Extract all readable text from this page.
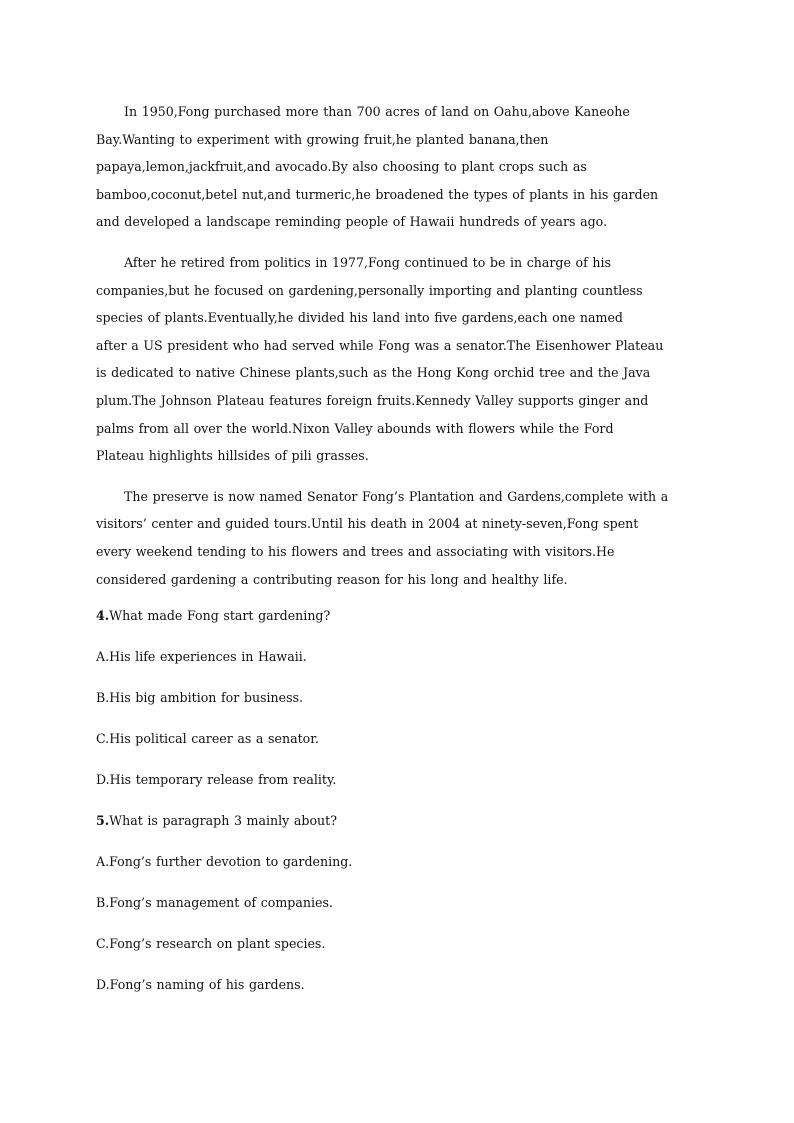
In 1950,Fong purchased more than 700 acres of land on Oahu,above Kaneohe
Bay.Wanting to experiment with growing fruit,he planted banana,then
papaya,lemon,jackfruit,and avocado.By also choosing to plant crops such as
bamboo,coconut,betel nut,and turmeric,he broadened the types of plants in his garden
and developed a landscape reminding people of Hawaii hundreds of years ago.

After he retired from politics in 1977,Fong continued to be in charge of his
companies,but he focused on gardening,personally importing and planting countless
species of plants.Eventually,he divided his land into five gardens,each one named
after a US president who had served while Fong was a senator.The Eisenhower Plateau
is dedicated to native Chinese plants,such as the Hong Kong orchid tree and the Java
plum.The Johnson Plateau features foreign fruits.Kennedy Valley supports ginger and
palms from all over the world.Nixon Valley abounds with flowers while the Ford
Plateau highlights hillsides of pili grasses.

The preserve is now named Senator Fong’s Plantation and Gardens,complete with a
visitors’ center and guided tours.Until his death in 2004 at ninety-seven,Fong spent
every weekend tending to his flowers and trees and associating with visitors.He
considered gardening a contributing reason for his long and healthy life.

4.What made Fong start gardening?

A.His life experiences in Hawaii.

B.His big ambition for business.

C.His political career as a senator.

D.His temporary release from reality.

5.What is paragraph 3 mainly about?

A.Fong’s further devotion to gardening.

B.Fong’s management of companies.

C.Fong’s research on plant species.

D.Fong’s naming of his gardens.
